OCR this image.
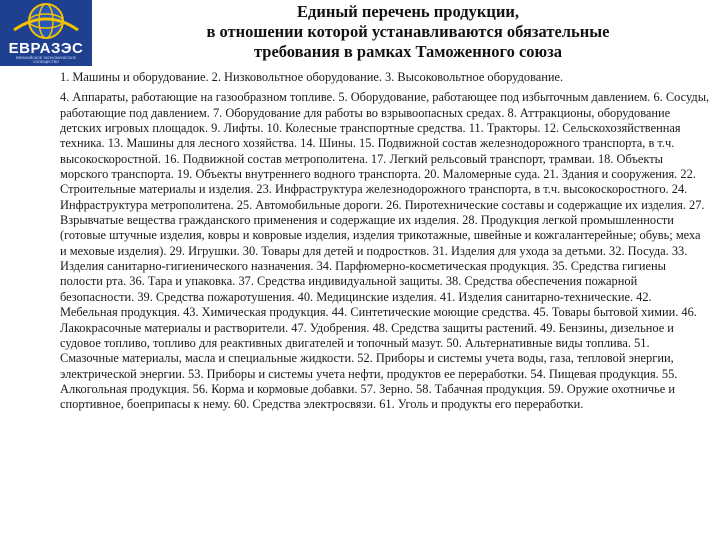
ЕВРАЗЭС
ЕВРАЗИЙСКОЕ ЭКОНОМИЧЕСКОЕ СООБЩЕСТВО
Единый перечень продукции,
в отношении которой устанавливаются обязательные
требования в рамках Таможенного союза

1. Машины и оборудование. 2. Низковольтное оборудование. 3. Высоковольтное оборудование.

4. Аппараты, работающие на газообразном топливе. 5. Оборудование, работающее под избыточным давлением. 6. Сосуды, работающие под давлением. 7. Оборудование для работы во взрывоопасных средах. 8. Аттракционы, оборудование детских игровых площадок. 9. Лифты. 10. Колесные транспортные средства. 11. Тракторы. 12. Сельскохозяйственная техника. 13. Машины для лесного хозяйства. 14. Шины. 15. Подвижной состав железнодорожного транспорта, в т.ч. высокоскоростной. 16. Подвижной состав метрополитена. 17. Легкий рельсовый транспорт, трамваи. 18. Объекты морского транспорта. 19. Объекты внутреннего водного транспорта. 20. Маломерные суда. 21. Здания и сооружения. 22. Строительные материалы и изделия. 23. Инфраструктура железнодорожного транспорта, в т.ч. высокоскоростного. 24. Инфраструктура метрополитена. 25. Автомобильные дороги. 26. Пиротехнические составы и содержащие их изделия. 27. Взрывчатые вещества гражданского применения и содержащие их изделия. 28. Продукция легкой промышленности (готовые штучные изделия, ковры и ковровые изделия, изделия трикотажные, швейные и кожгалантерейные; обувь; меха и меховые изделия). 29. Игрушки. 30. Товары для детей и подростков. 31. Изделия для ухода за детьми. 32. Посуда. 33. Изделия санитарно-гигиенического назначения. 34. Парфюмерно-косметическая продукция. 35. Средства гигиены полости рта. 36. Тара и упаковка. 37. Средства индивидуальной защиты. 38. Средства обеспечения пожарной безопасности. 39. Средства пожаротушения. 40. Медицинские изделия. 41. Изделия санитарно-технические. 42. Мебельная продукция. 43. Химическая продукция. 44. Синтетические моющие средства. 45. Товары бытовой химии. 46. Лакокрасочные материалы и растворители. 47. Удобрения. 48. Средства защиты растений. 49. Бензины, дизельное и судовое топливо, топливо для реактивных двигателей и топочный мазут. 50. Альтернативные виды топлива. 51. Смазочные материалы, масла и специальные жидкости. 52. Приборы и системы учета воды, газа, тепловой энергии, электрической энергии. 53. Приборы и системы учета нефти, продуктов ее переработки. 54. Пищевая продукция. 55. Алкогольная продукция. 56. Корма и кормовые добавки. 57. Зерно. 58. Табачная продукция. 59. Оружие охотничье и спортивное, боеприпасы к нему. 60. Средства электросвязи. 61. Уголь и продукты его переработки.
